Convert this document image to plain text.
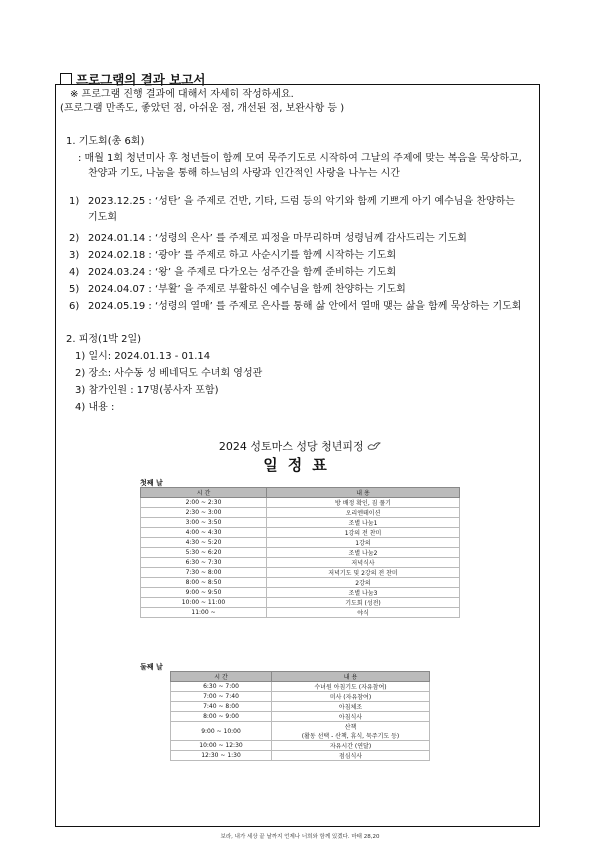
프로그램의 결과 보고서
※ 프로그램 진행 결과에 대해서 자세히 작성하세요.
(프로그램 만족도, 좋았던 점, 아쉬운 점, 개선된 점, 보완사항 등 )
1. 기도회(총 6회)
: 매월 1회 청년미사 후 청년들이 함께 모여 묵주기도로 시작하여 그날의 주제에 맞는 복음을 묵상하고,
찬양과 기도, 나눔을 통해 하느님의 사랑과 인간적인 사랑을 나누는 시간
1) 2023.12.25 : ‘성탄’ 을 주제로 건반, 기타, 드럼 등의 악기와 함께 기쁘게 아기 예수님을 찬양하는
기도회
2) 2024.01.14 : ‘성령의 은사’ 를 주제로 피정을 마무리하며 성령님께 감사드리는 기도회
3) 2024.02.18 : ‘광야’ 를 주제로 하고 사순시기를 함께 시작하는 기도회
4) 2024.03.24 : ‘왕’ 을 주제로 다가오는 성주간을 함께 준비하는 기도회
5) 2024.04.07 : ‘부활’ 을 주제로 부활하신 예수님을 함께 찬양하는 기도회
6) 2024.05.19 : ‘성령의 열매’ 를 주제로 은사를 통해 삶 안에서 열매 맺는 삶을 함께 묵상하는 기도회
2. 피정(1박 2일)
1) 일시: 2024.01.13 - 01.14
2) 장소: 사수동 성 베네딕도 수녀회 영성관
3) 참가인원 : 17명(봉사자 포함)
4) 내용 :
2024 성토마스 성당 청년피정
일정표
첫째 날
시 간	내 용
2:00 ~ 2:30	방 배정 확인, 짐 풀기
2:30 ~ 3:00	오리엔테이션
3:00 ~ 3:50	조별 나눔1
4:00 ~ 4:30	1강의 전 찬미
4:30 ~ 5:20	1강의
5:30 ~ 6:20	조별 나눔2
6:30 ~ 7:30	저녁식사
7:30 ~ 8:00	저녁기도 및 2강의 전 찬미
8:00 ~ 8:50	2강의
9:00 ~ 9:50	조별 나눔3
10:00 ~ 11:00	기도회 (성전)
11:00 ~	야식
둘째 날
시 간	내 용
6:30 ~ 7:00	수녀원 아침기도 (자유참여)
7:00 ~ 7:40	미사 (자유참여)
7:40 ~ 8:00	아침체조
8:00 ~ 9:00	아침식사
9:00 ~ 10:00	산책
(활동 선택 - 산책, 휴식, 묵주기도 등)
10:00 ~ 12:30	자유시간 (연달)
12:30 ~ 1:30	점심식사
보라, 내가 세상 끝 날까지 언제나 너희와 함께 있겠다. 마태 28,20
